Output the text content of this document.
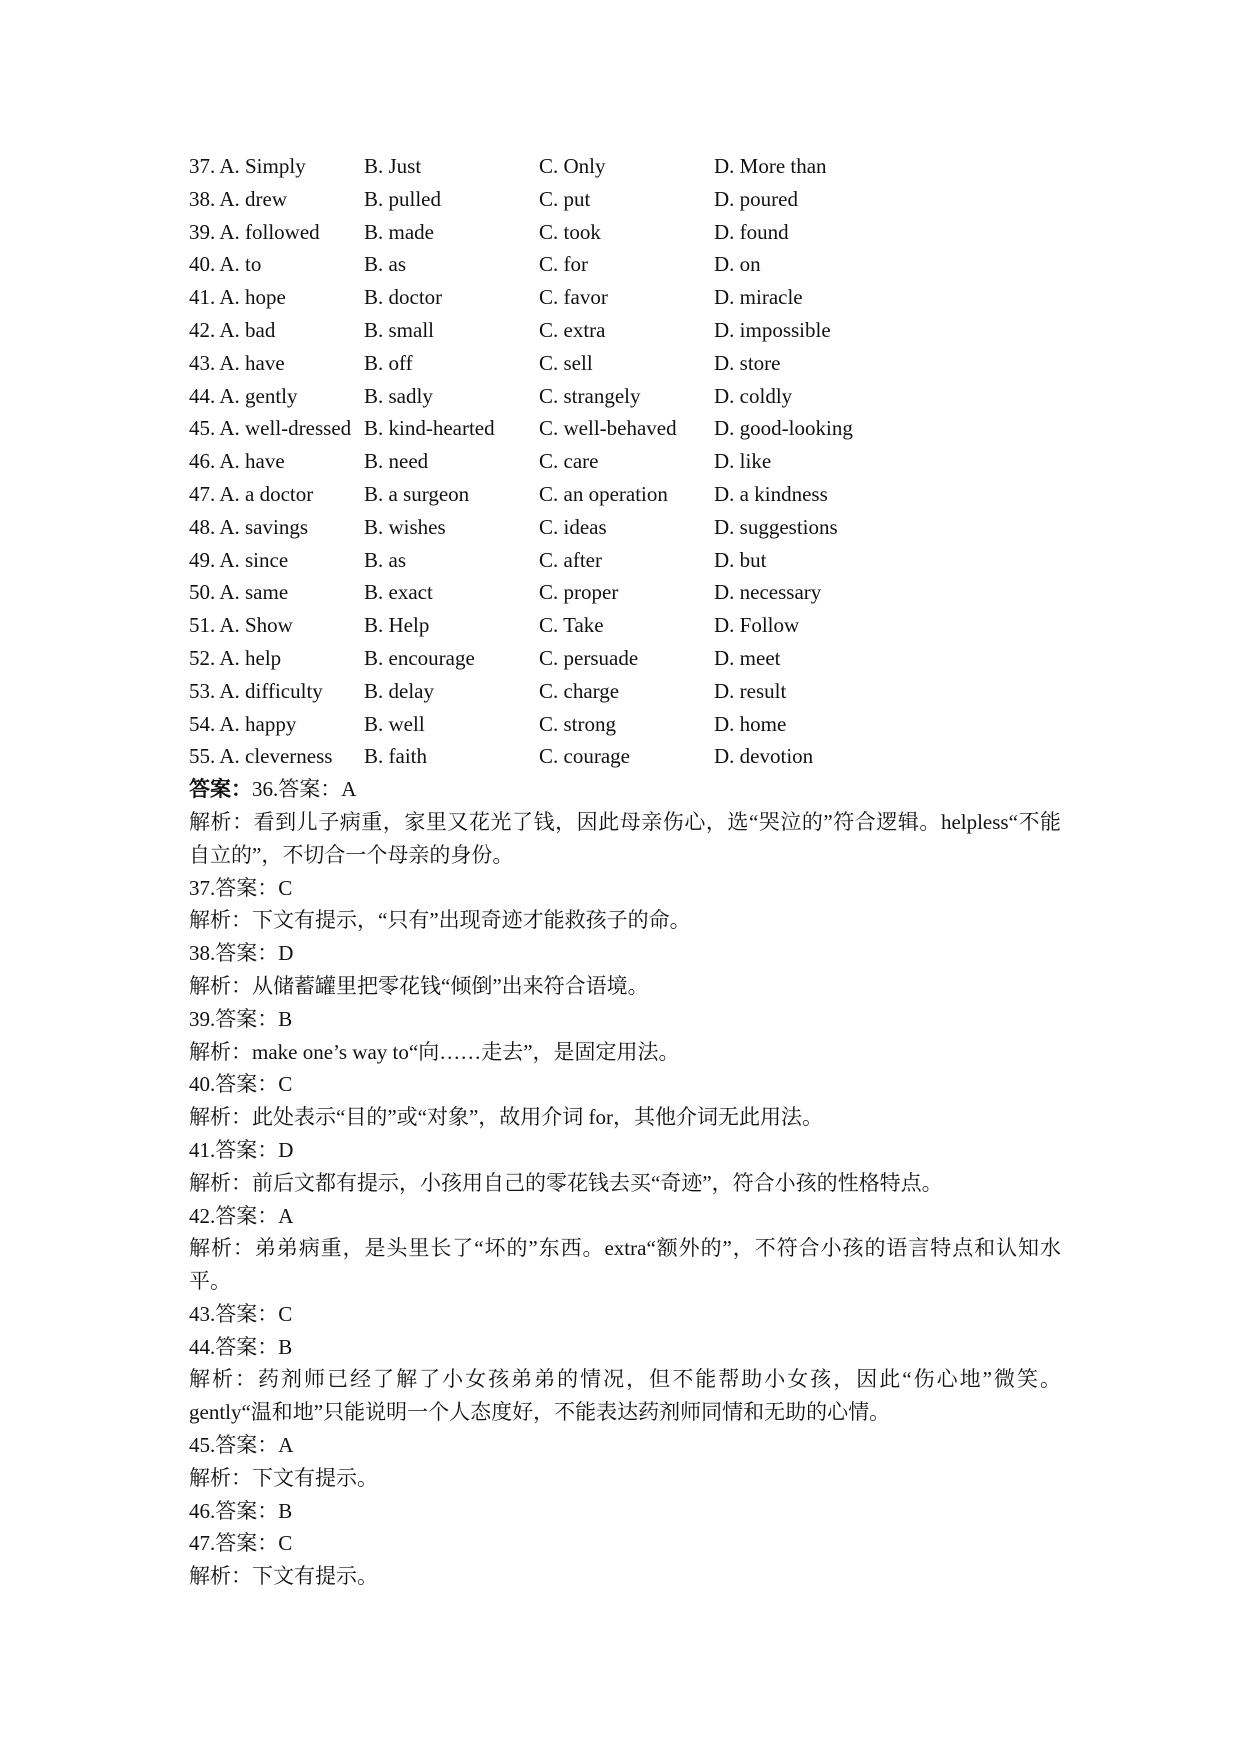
37. A. Simply	B. Just	C. Only	D. More than
38. A. drew	B. pulled	C. put	D. poured
39. A. followed	B. made	C. took	D. found
40. A. to	B. as	C. for	D. on
41. A. hope	B. doctor	C. favor	D. miracle
42. A. bad	B. small	C. extra	D. impossible
43. A. have	B. off	C. sell	D. store
44. A. gently	B. sadly	C. strangely	D. coldly
45. A. well-dressed B. kind-hearted	C. well-behaved	D. good-looking
46. A. have	B. need	C. care	D. like
47. A. a doctor	B. a surgeon	C. an operation	D. a kindness
48. A. savings	B. wishes	C. ideas	D. suggestions
49. A. since	B. as	C. after	D. but
50. A. same	B. exact	C. proper	D. necessary
51. A. Show	B. Help	C. Take	D. Follow
52. A. help	B. encourage	C. persuade	D. meet
53. A. difficulty	B. delay	C. charge	D. result
54. A. happy	B. well	C. strong	D. home
55. A. cleverness	B. faith	C. courage	D. devotion
答案：36.答案：A
解析：看到儿子病重，家里又花光了钱，因此母亲伤心，选“哭泣的”符合逻辑。helpless“不能自立的”，不切合一个母亲的身份。
37.答案：C
解析：下文有提示，“只有”出现奇迹才能救孩子的命。
38.答案：D
解析：从储蓄罐里把零花钱“倾倒”出来符合语境。
39.答案：B
解析：make one’s way to“向……走去”，是固定用法。
40.答案：C
解析：此处表示“目的”或“对象”，故用介词 for，其他介词无此用法。
41.答案：D
解析：前后文都有提示，小孩用自己的零花钱去买“奇迹”，符合小孩的性格特点。
42.答案：A
解析：弟弟病重，是头里长了“坏的”东西。extra“额外的”，不符合小孩的语言特点和认知水平。
43.答案：C
44.答案：B
解析：药剂师已经了解了小女孩弟弟的情况，但不能帮助小女孩，因此“伤心地”微笑。gently“温和地”只能说明一个人态度好，不能表达药剂师同情和无助的心情。
45.答案：A
解析：下文有提示。
46.答案：B
47.答案：C
解析：下文有提示。
